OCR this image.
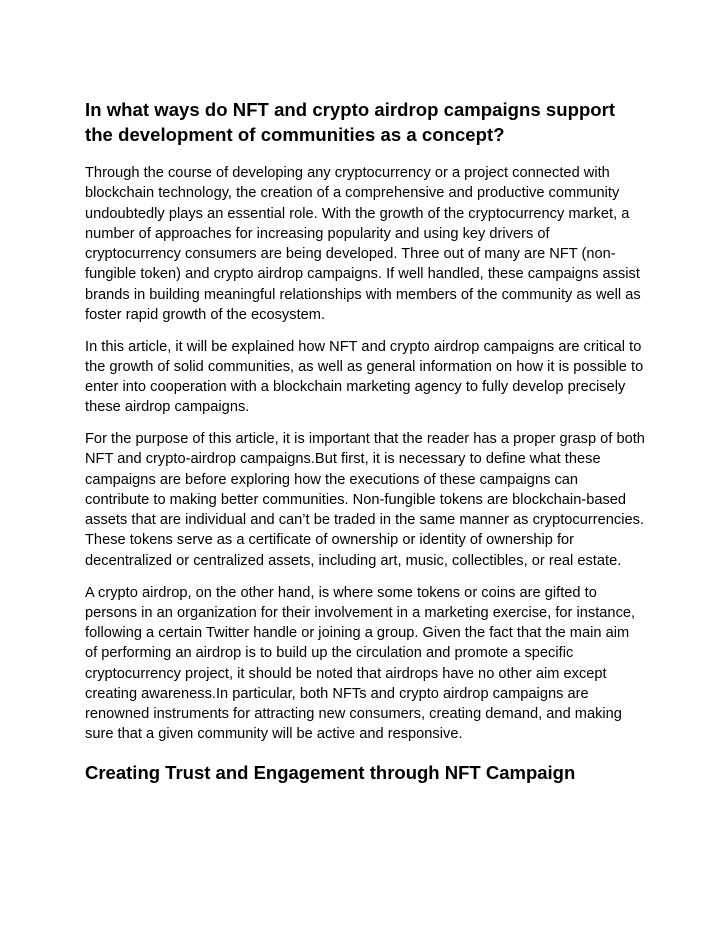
In what ways do NFT and crypto airdrop campaigns support the development of communities as a concept?

Through the course of developing any cryptocurrency or a project connected with blockchain technology, the creation of a comprehensive and productive community undoubtedly plays an essential role. With the growth of the cryptocurrency market, a number of approaches for increasing popularity and using key drivers of cryptocurrency consumers are being developed. Three out of many are NFT (non-fungible token) and crypto airdrop campaigns. If well handled, these campaigns assist brands in building meaningful relationships with members of the community as well as foster rapid growth of the ecosystem.

In this article, it will be explained how NFT and crypto airdrop campaigns are critical to the growth of solid communities, as well as general information on how it is possible to enter into cooperation with a blockchain marketing agency to fully develop precisely these airdrop campaigns.

For the purpose of this article, it is important that the reader has a proper grasp of both NFT and crypto-airdrop campaigns.But first, it is necessary to define what these campaigns are before exploring how the executions of these campaigns can contribute to making better communities. Non-fungible tokens are blockchain-based assets that are individual and can’t be traded in the same manner as cryptocurrencies. These tokens serve as a certificate of ownership or identity of ownership for decentralized or centralized assets, including art, music, collectibles, or real estate.

A crypto airdrop, on the other hand, is where some tokens or coins are gifted to persons in an organization for their involvement in a marketing exercise, for instance, following a certain Twitter handle or joining a group. Given the fact that the main aim of performing an airdrop is to build up the circulation and promote a specific cryptocurrency project, it should be noted that airdrops have no other aim except creating awareness.In particular, both NFTs and crypto airdrop campaigns are renowned instruments for attracting new consumers, creating demand, and making sure that a given community will be active and responsive.

Creating Trust and Engagement through NFT Campaign
